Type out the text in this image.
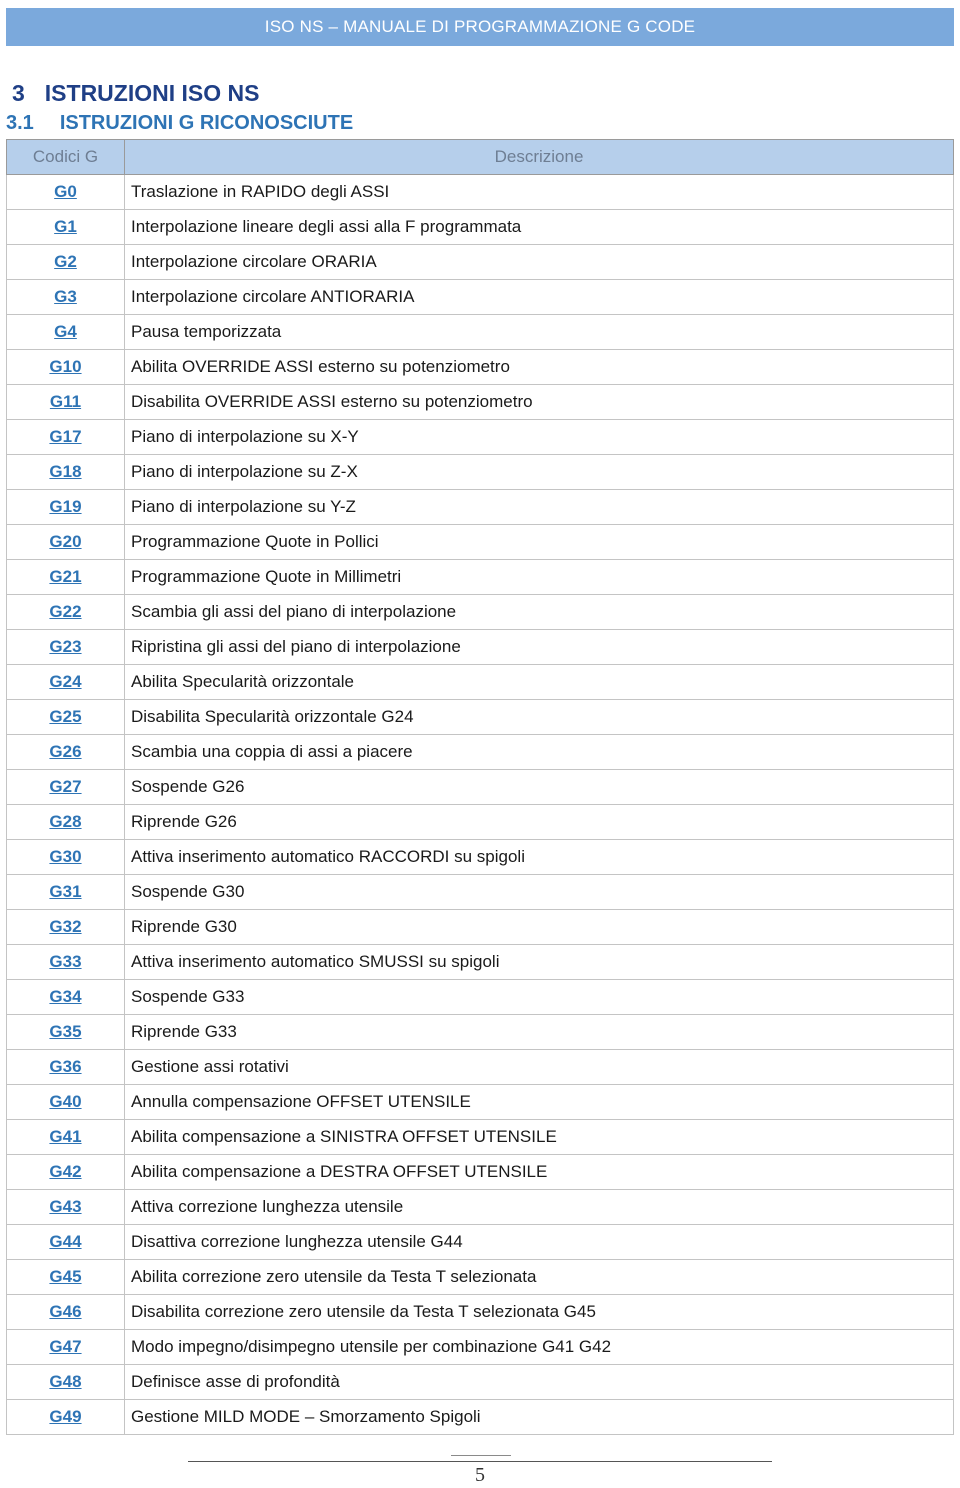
ISO NS – MANUALE DI PROGRAMMAZIONE G CODE
3 ISTRUZIONI ISO NS
3.1 ISTRUZIONI G RICONOSCIUTE
Codici G	Descrizione
G0	Traslazione in RAPIDO degli ASSI
G1	Interpolazione lineare degli assi alla F programmata
G2	Interpolazione circolare ORARIA
G3	Interpolazione circolare ANTIORARIA
G4	Pausa temporizzata
G10	Abilita OVERRIDE ASSI esterno su potenziometro
G11	Disabilita OVERRIDE ASSI esterno su potenziometro
G17	Piano di interpolazione su X-Y
G18	Piano di interpolazione su Z-X
G19	Piano di interpolazione su Y-Z
G20	Programmazione Quote in Pollici
G21	Programmazione Quote in Millimetri
G22	Scambia gli assi del piano di interpolazione
G23	Ripristina gli assi del piano di interpolazione
G24	Abilita Specularità orizzontale
G25	Disabilita Specularità orizzontale G24
G26	Scambia una coppia di assi a piacere
G27	Sospende G26
G28	Riprende G26
G30	Attiva inserimento automatico RACCORDI su spigoli
G31	Sospende G30
G32	Riprende G30
G33	Attiva inserimento automatico SMUSSI su spigoli
G34	Sospende G33
G35	Riprende G33
G36	Gestione assi rotativi
G40	Annulla compensazione OFFSET UTENSILE
G41	Abilita compensazione a SINISTRA OFFSET UTENSILE
G42	Abilita compensazione a DESTRA OFFSET UTENSILE
G43	Attiva correzione lunghezza utensile
G44	Disattiva correzione lunghezza utensile G44
G45	Abilita correzione zero utensile da Testa T selezionata
G46	Disabilita correzione zero utensile da Testa T selezionata G45
G47	Modo impegno/disimpegno utensile per combinazione G41 G42
G48	Definisce asse di profondità
G49	Gestione MILD MODE – Smorzamento Spigoli
5
